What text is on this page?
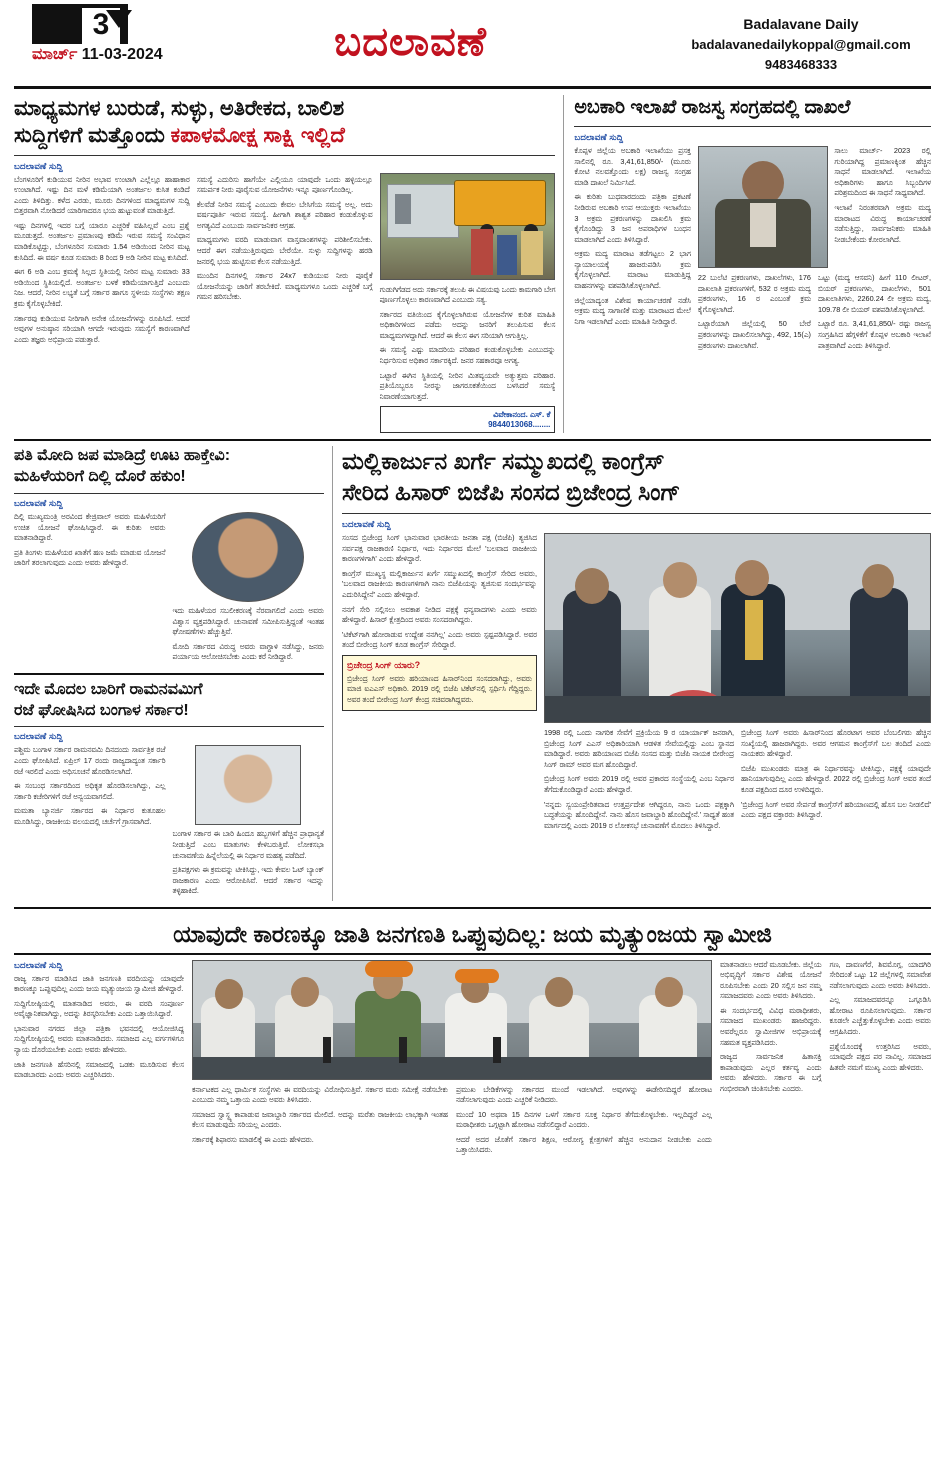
3
ಮಾರ್ಚ್ 11-03-2024	ಬದಲಾವಣೆ	Badalavane Daily
badalavanedailykoppal@gmail.com
9483468333
ಮಾಧ್ಯಮಗಳ ಬುರುಡೆ, ಸುಳ್ಳು, ಅತಿರೇಕದ, ಬಾಲಿಶ
ಸುದ್ದಿಗಳಿಗೆ ಮತ್ತೊಂದು ಕಪಾಳಮೋಕ್ಷ ಸಾಕ್ಷಿ ಇಲ್ಲಿದೆ
ಬದಲಾವಣೆ ಸುದ್ದಿ

ಬೆಂಗಳೂರಿಗೆ ಕುಡಿಯುವ ನೀರಿನ ಅಭಾವ ಉಂಟಾಗಿ ಎಲ್ಲೆಲ್ಲೂ ಹಾಹಾಕಾರ ಉಂಟಾಗಿದೆ. ಇಷ್ಟು ದಿನ ಮಳೆ ಕಡಿಮೆಯಾಗಿ ಅಂತರ್ಜಲ ಕುಸಿತ ಕಂಡಿದೆ ಎಂದು ತಿಳಿದಿತ್ತು. ಕಳೆದ ಎರಡು, ಮೂರು ದಿನಗಳಿಂದ ಮಾಧ್ಯಮಗಳ ಸುದ್ದಿ ಬಿತ್ತರವಾಗಿ ನೋಡಿದರೆ ಯಾರಿಗಾದರೂ ಭಯ ಹುಟ್ಟುವಂತೆ ಮಾಡುತ್ತಿದೆ.

ಇಷ್ಟು ದಿನಗಳಲ್ಲಿ ಇದರ ಬಗ್ಗೆ ಯಾರೂ ಎಚ್ಚರಿಕೆ ವಹಿಸಿಲ್ಲವೆ ಎಂಬ ಪ್ರಶ್ನೆ ಮೂಡುತ್ತದೆ. ಅಂತರ್ಜಲ ಪ್ರಮಾಣವು ಕಡಿಮೆ ಇರುವ ಸಮಸ್ಯೆ ಸಂವಿಧಾನ ಮಾಡಿಕೊಟ್ಟಿದ್ದು, ಬೆಂಗಳೂರಿನ ಸುಮಾರು 1.54 ಅಡಿಯಿಂದ ನೀರಿನ ಮಟ್ಟ ಕುಸಿದಿದೆ. ಈ ವರ್ಷ ಕೂಡ ಸುಮಾರು 8 ರಿಂದ 9 ಅಡಿ ನೀರಿನ ಮಟ್ಟ ಕುಸಿದಿದೆ.

ಈಗ 6 ಅಡಿ ಎಂಬ ಕ್ರಮಕ್ಕೆ ಸಿಲ್ಲದ ಸ್ಥಿತಿಯಲ್ಲಿ ನೀರಿನ ಮಟ್ಟ ಸುಮಾರು 33 ಅಡಿಯಿಂದ ಸ್ಥಿತಿಯಲ್ಲಿದೆ. ಅಂತರ್ಜಲ ಬಳಕೆ ಕಡಿಮೆಯಾಗುತ್ತಿದೆ ಎಂಬುದು ನಿಜ. ಆದರೆ, ನೀರಿನ ಲಭ್ಯತೆ ಬಗ್ಗೆ ಸರ್ಕಾರ ಹಾಗೂ ಸ್ಥಳೀಯ ಸಂಸ್ಥೆಗಳು ತಕ್ಷಣ ಕ್ರಮ ಕೈಗೊಳ್ಳಬೇಕಿದೆ.

ಸರ್ಕಾರವು ಕುಡಿಯುವ ನೀರಿಗಾಗಿ ಅನೇಕ ಯೋಜನೆಗಳನ್ನು ರೂಪಿಸಿದೆ. ಆದರೆ ಅವುಗಳ ಅನುಷ್ಠಾನ ಸರಿಯಾಗಿ ಆಗದೇ ಇರುವುದು ಸಮಸ್ಯೆಗೆ ಕಾರಣವಾಗಿದೆ ಎಂದು ತಜ್ಞರು ಅಭಿಪ್ರಾಯ ಪಡುತ್ತಾರೆ.

ಸಮಸ್ಯೆ ಎದುರಿಸು ಹಾಗೆಯೇ ಎಲ್ಲಿಯೂ ಯಾವುದೇ ಒಂದು ಹಳ್ಳಿಯಲ್ಲೂ ಸಮರ್ಪಕ ನೀರು ಪೂರೈಸುವ ಯೋಜನೆಗಳು ಇನ್ನೂ ಪೂರ್ಣಗೊಂಡಿಲ್ಲ.

ಕೆಲವೆಡೆ ನೀರಿನ ಸಮಸ್ಯೆ ಎಂಬುದು ಕೇವಲ ಬೇಸಿಗೆಯ ಸಮಸ್ಯೆ ಅಲ್ಲ. ಅದು ವರ್ಷಪೂರ್ತಿ ಇರುವ ಸಮಸ್ಯೆ. ಹೀಗಾಗಿ ಶಾಶ್ವತ ಪರಿಹಾರ ಕಂಡುಕೊಳ್ಳುವ ಅಗತ್ಯವಿದೆ ಎಂಬುದು ಸಾರ್ವಜನಿಕರ ಆಗ್ರಹ.

ಮಾಧ್ಯಮಗಳು ವರದಿ ಮಾಡುವಾಗ ವಾಸ್ತವಾಂಶಗಳನ್ನು ಪರಿಶೀಲಿಸಬೇಕು. ಆದರೆ ಈಗ ನಡೆಯುತ್ತಿರುವುದು ಬೇರೆಯೇ. ಸುಳ್ಳು ಸುದ್ದಿಗಳನ್ನು ಹರಡಿ ಜನರಲ್ಲಿ ಭಯ ಹುಟ್ಟಿಸುವ ಕೆಲಸ ನಡೆಯುತ್ತಿದೆ.

ಮುಂದಿನ ದಿನಗಳಲ್ಲಿ ಸರ್ಕಾರ 24x7 ಕುಡಿಯುವ ನೀರು ಪೂರೈಕೆ ಯೋಜನೆಯನ್ನು ಜಾರಿಗೆ ತರಬೇಕಿದೆ. ಮಾಧ್ಯಮಗಳೂ ಒಂದು ಎಚ್ಚರಿಕೆ ಬಗ್ಗೆ ಗಮನ ಹರಿಸಬೇಕು.

ಗುಡುಗಿಗೆಡದ ಅದು ಸರ್ಕಾರಕ್ಕೆ ತಲುಪಿ ಈ ವಿಷಯವು ಒಂದು ಕಾಮಗಾರಿ ಬೇಗ ಪೂರ್ಣಗೊಳ್ಳಲು ಕಾರಣವಾಗಿದೆ ಎಂಬುದು ಸತ್ಯ.

ಸರ್ಕಾರದ ವತಿಯಿಂದ ಕೈಗೊಳ್ಳಲಾಗಿರುವ ಯೋಜನೆಗಳ ಕುರಿತ ಮಾಹಿತಿ ಅಧಿಕಾರಿಗಳಿಂದ ಪಡೆದು ಅದನ್ನು ಜನರಿಗೆ ತಲುಪಿಸುವ ಕೆಲಸ ಮಾಧ್ಯಮಗಳದ್ದಾಗಿದೆ. ಆದರೆ ಈ ಕೆಲಸ ಈಗ ಸರಿಯಾಗಿ ಆಗುತ್ತಿಲ್ಲ.

ಈ ಸಮಸ್ಯೆ ಎಷ್ಟು ಮಾದರಿಯ ಪರಿಹಾರ ಕಂಡುಕೊಳ್ಳಬೇಕು ಎಂಬುದನ್ನು ನಿರ್ಧರಿಸುವ ಅಧಿಕಾರ ಸರ್ಕಾರಕ್ಕಿದೆ. ಜನರ ಸಹಕಾರವೂ ಅಗತ್ಯ.

ಒಟ್ಟಾರೆ ಈಗಿನ ಸ್ಥಿತಿಯಲ್ಲಿ ನೀರಿನ ಮಿತವ್ಯಯವೇ ಅತ್ಯುತ್ತಮ ಪರಿಹಾರ. ಪ್ರತಿಯೊಬ್ಬರೂ ನೀರನ್ನು ಜಾಗರೂಕತೆಯಿಂದ ಬಳಸಿದರೆ ಸಮಸ್ಯೆ ನಿವಾರಣೆಯಾಗುತ್ತದೆ.

ವಿವೇಕಾನಂದ. ಎಸ್. ಕೆ
9844013068........
ಅಬಕಾರಿ ಇಲಾಖೆ ರಾಜಸ್ವ ಸಂಗ್ರಹದಲ್ಲಿ ದಾಖಲೆ
ಬದಲಾವಣೆ ಸುದ್ದಿ

ಕೊಪ್ಪಳ ಜಿಲ್ಲೆಯ ಅಬಕಾರಿ ಇಲಾಖೆಯು ಪ್ರಸಕ್ತ ಸಾಲಿನಲ್ಲಿ ರೂ. 3,41,61,850/- (ಮೂರು ಕೋಟಿ ನಲವತ್ತೊಂದು ಲಕ್ಷ) ರಾಜಸ್ವ ಸಂಗ್ರಹ ಮಾಡಿ ದಾಖಲೆ ನಿರ್ಮಿಸಿದೆ.

ಈ ಕುರಿತು ಬುಧವಾರದಂದು ಪತ್ರಿಕಾ ಪ್ರಕಟಣೆ ನೀಡಿರುವ ಅಬಕಾರಿ ಉಪ ಆಯುಕ್ತರು ಇಲಾಖೆಯು 3 ಅಕ್ರಮ ಪ್ರಕರಣಗಳನ್ನು ದಾಖಲಿಸಿ ಕ್ರಮ ಕೈಗೊಂಡಿದ್ದು 3 ಜನ ಅಪರಾಧಿಗಳ ಬಂಧನ ಮಾಡಲಾಗಿದೆ ಎಂದು ತಿಳಿಸಿದ್ದಾರೆ.

ಅಕ್ರಮ ಮದ್ಯ ಮಾರಾಟ ತಡೆಗಟ್ಟಲು 2 ಭಾಗ ನ್ಯಾಯಾಲಯಕ್ಕೆ ಹಾಜರುಪಡಿಸಿ ಕ್ರಮ ಕೈಗೊಳ್ಳಲಾಗಿದೆ. ಮಾರಾಟ ಮಾಡುತ್ತಿದ್ದ ವಾಹನಗಳನ್ನು ವಶಪಡಿಸಿಕೊಳ್ಳಲಾಗಿದೆ.

ಜಿಲ್ಲೆಯಾದ್ಯಂತ ವಿಶೇಷ ಕಾರ್ಯಾಚರಣೆ ನಡೆಸಿ ಅಕ್ರಮ ಮದ್ಯ ಸಾಗಾಣಿಕೆ ಮತ್ತು ಮಾರಾಟದ ಮೇಲೆ ನಿಗಾ ಇಡಲಾಗಿದೆ ಎಂದು ಮಾಹಿತಿ ನೀಡಿದ್ದಾರೆ.

ಸಾಲು ಮಾರ್ಚ್- 2023 ರಲ್ಲಿ ಗುರಿಯಾಗಿದ್ದ ಪ್ರಮಾಣಕ್ಕಿಂತ ಹೆಚ್ಚಿನ ಸಾಧನೆ ಮಾಡಲಾಗಿದೆ. ಇಲಾಖೆಯ ಅಧಿಕಾರಿಗಳು ಹಾಗೂ ಸಿಬ್ಬಂದಿಗಳ ಪರಿಶ್ರಮದಿಂದ ಈ ಸಾಧನೆ ಸಾಧ್ಯವಾಗಿದೆ.

ಇಲಾಖೆ ನಿರಂತರವಾಗಿ ಅಕ್ರಮ ಮದ್ಯ ಮಾರಾಟದ ವಿರುದ್ಧ ಕಾರ್ಯಾಚರಣೆ ನಡೆಸುತ್ತಿದ್ದು, ಸಾರ್ವಜನಿಕರು ಮಾಹಿತಿ ನೀಡಬೇಕೆಂದು ಕೋರಲಾಗಿದೆ.

22 ಬುಲೆಟಿ ಪ್ರಕರಣಗಳು, ದಾಖಲೆಗಳು, 176 ದಾಖಲಾತಿ ಪ್ರಕರಣಗಳಿಗೆ, 532 ರ ಅಕ್ರಮ ಮದ್ಯ ಪ್ರಕರಣಗಳು, 16 ರ ಎಂಬಂತೆ ಕ್ರಮ ಕೈಗೊಳ್ಳಲಾಗಿದೆ.

ಒಟ್ಟಾರೆಯಾಗಿ ಜಿಲ್ಲೆಯಲ್ಲಿ 50 ಬೇರೆ ಪ್ರಕರಣಗಳನ್ನು ದಾಖಲಿಸಲಾಗಿದ್ದು, 492, 15(ಎ) ಪ್ರಕರಣಗಳು ದಾಖಲಾಗಿವೆ.

ಒಟ್ಟು (ಮದ್ಯ ಆಸವನಿ) ಹೀಗೆ 110 ಲೀಟರ್, ಬಿಯರ್ ಪ್ರಕರಣಗಳು, ದಾಖಲೆಗಳು, 501 ದಾಖಲಾತಿಗಳು, 2260.24 ಲೀ ಅಕ್ರಮ ಮದ್ಯ, 109.78 ಲೀ ಬಿಯರ್ ವಶಪಡಿಸಿಕೊಳ್ಳಲಾಗಿದೆ.

ಒಟ್ಟಾರೆ ರೂ. 3,41,61,850/- ರಷ್ಟು ರಾಜಸ್ವ ಸಂಗ್ರಹಿಸಿದ ಹೆಗ್ಗಳಿಕೆಗೆ ಕೊಪ್ಪಳ ಅಬಕಾರಿ ಇಲಾಖೆ ಪಾತ್ರವಾಗಿದೆ ಎಂದು ತಿಳಿಸಿದ್ದಾರೆ.

ಪತಿ ಮೋದಿ ಜಪ ಮಾಡಿದ್ರೆ ಊಟ ಹಾಕ್ತೇವಿ:
ಮಹಿಳೆಯರಿಗೆ ದಿಲ್ಲಿ ದೊರೆ ಹಕುಂ!
ಬದಲಾವಣೆ ಸುದ್ದಿ

ದಿಲ್ಲಿ ಮುಖ್ಯಮಂತ್ರಿ ಅರವಿಂದ ಕೇಜ್ರಿವಾಲ್ ಅವರು ಮಹಿಳೆಯರಿಗೆ ಉಚಿತ ಯೋಜನೆ ಘೋಷಿಸಿದ್ದಾರೆ. ಈ ಕುರಿತು ಅವರು ಮಾತನಾಡಿದ್ದಾರೆ.

ಪ್ರತಿ ತಿಂಗಳು ಮಹಿಳೆಯರ ಖಾತೆಗೆ ಹಣ ಜಮೆ ಮಾಡುವ ಯೋಜನೆ ಜಾರಿಗೆ ತರಲಾಗುವುದು ಎಂದು ಅವರು ಹೇಳಿದ್ದಾರೆ.

ಇದು ಮಹಿಳೆಯರ ಸಬಲೀಕರಣಕ್ಕೆ ನೆರವಾಗಲಿದೆ ಎಂದು ಅವರು ವಿಶ್ವಾಸ ವ್ಯಕ್ತಪಡಿಸಿದ್ದಾರೆ. ಚುನಾವಣೆ ಸಮೀಪಿಸುತ್ತಿದ್ದಂತೆ ಇಂತಹ ಘೋಷಣೆಗಳು ಹೆಚ್ಚುತ್ತಿವೆ.

ಮೋದಿ ಸರ್ಕಾರದ ವಿರುದ್ಧ ಅವರು ವಾಗ್ದಾಳಿ ನಡೆಸಿದ್ದು, ಜನರು ಪರ್ಯಾಯ ಆಲೋಚಿಸಬೇಕು ಎಂದು ಕರೆ ನೀಡಿದ್ದಾರೆ.

ಇದೇ ಮೊದಲ ಬಾರಿಗೆ ರಾಮನವಮಿಗೆ
ರಜೆ ಘೋಷಿಸಿದ ಬಂಗಾಳ ಸರ್ಕಾರ!
ಬದಲಾವಣೆ ಸುದ್ದಿ

ಪಶ್ಚಿಮ ಬಂಗಾಳ ಸರ್ಕಾರ ರಾಮನವಮಿ ದಿನದಂದು ಸಾರ್ವತ್ರಿಕ ರಜೆ ಎಂದು ಘೋಷಿಸಿದೆ. ಏಪ್ರಿಲ್ 17 ರಂದು ರಾಜ್ಯದಾದ್ಯಂತ ಸರ್ಕಾರಿ ರಜೆ ಇರಲಿದೆ ಎಂದು ಅಧಿಸೂಚನೆ ಹೊರಡಿಸಲಾಗಿದೆ.

ಈ ಸಂಬಂಧ ಸರ್ಕಾರದಿಂದ ಅಧಿಕೃತ ಹೊರಡಿಸಲಾಗಿದ್ದು, ಎಲ್ಲ ಸರ್ಕಾರಿ ಕಚೇರಿಗಳಿಗೆ ರಜೆ ಅನ್ವಯವಾಗಲಿದೆ.

ಮಮತಾ ಬ್ಯಾನರ್ಜಿ ಸರ್ಕಾರದ ಈ ನಿರ್ಧಾರ ಕುತೂಹಲ ಮೂಡಿಸಿದ್ದು, ರಾಜಕೀಯ ವಲಯದಲ್ಲಿ ಚರ್ಚೆಗೆ ಗ್ರಾಸವಾಗಿದೆ.

ಬಂಗಾಳ ಸರ್ಕಾರ ಈ ಬಾರಿ ಹಿಂದೂ ಹಬ್ಬಗಳಿಗೆ ಹೆಚ್ಚಿನ ಪ್ರಾಧಾನ್ಯತೆ ನೀಡುತ್ತಿದೆ ಎಂಬ ಮಾತುಗಳು ಕೇಳಿಬರುತ್ತಿವೆ. ಲೋಕಸಭಾ ಚುನಾವಣೆಯ ಹಿನ್ನೆಲೆಯಲ್ಲಿ ಈ ನಿರ್ಧಾರ ಮಹತ್ವ ಪಡೆದಿದೆ.

ಪ್ರತಿಪಕ್ಷಗಳು ಈ ಕ್ರಮವನ್ನು ಟೀಕಿಸಿದ್ದು, ಇದು ಕೇವಲ ಓಟ್ ಬ್ಯಾಂಕ್ ರಾಜಕಾರಣ ಎಂದು ಆರೋಪಿಸಿವೆ. ಆದರೆ ಸರ್ಕಾರ ಇದನ್ನು ತಳ್ಳಿಹಾಕಿದೆ.

ಮಲ್ಲಿಕಾರ್ಜುನ ಖರ್ಗೆ ಸಮ್ಮುಖದಲ್ಲಿ ಕಾಂಗ್ರೆಸ್
ಸೇರಿದ ಹಿಸಾರ್ ಬಿಜೆಪಿ ಸಂಸದ ಬ್ರಿಜೇಂದ್ರ ಸಿಂಗ್
ಬದಲಾವಣೆ ಸುದ್ದಿ

ಸಂಸದ ಬ್ರಿಜೇಂದ್ರ ಸಿಂಗ್ ಭಾನುವಾರ ಭಾರತೀಯ ಜನತಾ ಪಕ್ಷ (ಬಿಜೆಪಿ) ತ್ಯಜಿಸಿದ ಸರ್ವಪಕ್ಷ ರಾಜಕಾರಣಿ ನಿರ್ಧಾರ, ಇದು ನಿರ್ಧಾರದ ಮೇಲೆ 'ಬಲವಾದ ರಾಜಕೀಯ ಕಾರಣಗಳಿಗಾಗಿ' ಎಂದು ಹೇಳಿದ್ದಾರೆ.

ಕಾಂಗ್ರೆಸ್ ಮುಖ್ಯಸ್ಥ ಮಲ್ಲಿಕಾರ್ಜುನ ಖರ್ಗೆ ಸಮ್ಮುಖದಲ್ಲಿ ಕಾಂಗ್ರೆಸ್ ಸೇರಿದ ಅವರು, 'ಬಲವಾದ ರಾಜಕೀಯ ಕಾರಣಗಳಿಗಾಗಿ ನಾನು ಬಿಜೆಪಿಯನ್ನು ತ್ಯಜಿಸುವ ಸಂದರ್ಭವನ್ನು ಎದುರಿಸಿದ್ದೇನೆ' ಎಂದು ಹೇಳಿದ್ದಾರೆ.

ನನಗೆ ಸೇರಿ ಸಲ್ಲಿಸಲು ಅವಕಾಶ ನೀಡಿದ ಪಕ್ಷಕ್ಕೆ ಧನ್ಯವಾದಗಳು ಎಂದು ಅವರು ಹೇಳಿದ್ದಾರೆ. ಹಿಸಾರ್ ಕ್ಷೇತ್ರದಿಂದ ಅವರು ಸಂಸದರಾಗಿದ್ದರು.

'ಟಿಕೆಟ್‌ಗಾಗಿ ಹೋರಾಡುವ ಉದ್ದೇಶ ನನಗಿಲ್ಲ' ಎಂದು ಅವರು ಸ್ಪಷ್ಟಪಡಿಸಿದ್ದಾರೆ. ಅವರ ತಂದೆ ಬೀರೇಂದ್ರ ಸಿಂಗ್ ಕೂಡ ಕಾಂಗ್ರೆಸ್ ಸೇರಿದ್ದಾರೆ.

ಬ್ರಿಜೇಂದ್ರ ಸಿಂಗ್ ಯಾರು?
ಬ್ರಿಜೇಂದ್ರ ಸಿಂಗ್ ಅವರು ಹರಿಯಾಣದ ಹಿಸಾರ್‌ನಿಂದ ಸಂಸದರಾಗಿದ್ದು, ಅವರು ಮಾಜಿ ಐಎಎಸ್ ಅಧಿಕಾರಿ. 2019 ರಲ್ಲಿ ಬಿಜೆಪಿ ಟಿಕೆಟ್‌ನಲ್ಲಿ ಸ್ಪರ್ಧಿಸಿ ಗೆದ್ದಿದ್ದರು. ಅವರ ತಂದೆ ಬೀರೇಂದ್ರ ಸಿಂಗ್ ಕೇಂದ್ರ ಸಚಿವರಾಗಿದ್ದವರು.

1998 ರಲ್ಲಿ ಒಂದು ನಾಗರಿಕ ಸೇವೆಗೆ ಪ್ರಕ್ರಿಯೆಯ 9 ರ ಯಾರ್ಯಾಕ್ ಜನರಾಗಿ, ಬ್ರಿಜೇಂದ್ರ ಸಿಂಗ್ ಎಎಸ್ ಅಧಿಕಾರಿಯಾಗಿ ಆಡಳಿತ ಸೇವೆಯಲ್ಲಿದ್ದು ಎಂಬ ಸ್ಥಾನದ ಮಾಡಿದ್ದಾರೆ. ಅವರು ಹರಿಯಾಣದ ಬಿಜೆಪಿ ಸಂಸದ ಮತ್ತು ಬಿಜೆಪಿ ನಾಯಕ ಬೀರೇಂದ್ರ ಸಿಂಗ್ ರಾಮ್ ಅವರ ಮಗ ಹೊಂದಿದ್ದಾರೆ.

ಬ್ರಿಜೇಂದ್ರ ಸಿಂಗ್ ಅವರು 2019 ರಲ್ಲಿ ಅವರ ಪ್ರಕಾರದ ಸಂಸ್ಥೆಯಲ್ಲಿ ಎಂಬ ನಿರ್ಧಾರ ತೆಗೆದುಕೊಂಡಿದ್ದಾರೆ ಎಂದು ಹೇಳಿದ್ದಾರೆ.

'ನನ್ನದು ಸ್ವಯಂಪ್ರೇರಿತವಾದ ಉತ್ತರ್ಪ್ರದೇಶ ಆಗಿದ್ದರೂ, ನಾನು ಒಂದು ಪಕ್ಷಕ್ಕಾಗಿ ಬದ್ಧತೆಯನ್ನು ಹೊಂದಿದ್ದೇನೆ. ನಾನು ಹೊಸ ಜವಾಬ್ದಾರಿ ಹೊಂದಿದ್ದೇನೆ.' ಸಾಧ್ಯತೆ ಹಂತ ಮಾರ್ಗದಲ್ಲಿ ಎಂದು 2019 ರ ಲೋಕಸಭೆ ಚುನಾವಣೆಗೆ ಮೊದಲು ತಿಳಿಸಿದ್ದಾರೆ.

ಬ್ರಿಜೇಂದ್ರ ಸಿಂಗ್ ಅವರು ಹಿಸಾರ್‌ನಿಂದ ಹೊರಟಾಗ ಅವರ ಬೆಂಬಲಿಗರು ಹೆಚ್ಚಿನ ಸಂಖ್ಯೆಯಲ್ಲಿ ಹಾಜರಾಗಿದ್ದರು. ಅವರ ಆಗಮನ ಕಾಂಗ್ರೆಸ್‌ಗೆ ಬಲ ತಂದಿದೆ ಎಂದು ನಾಯಕರು ಹೇಳಿದ್ದಾರೆ.

ಬಿಜೆಪಿ ಮುಖಂಡರು ಮಾತ್ರ ಈ ನಿರ್ಧಾರವನ್ನು ಟೀಕಿಸಿದ್ದು, ಪಕ್ಷಕ್ಕೆ ಯಾವುದೇ ಹಾನಿಯಾಗುವುದಿಲ್ಲ ಎಂದು ಹೇಳಿದ್ದಾರೆ. 2022 ರಲ್ಲಿ ಬ್ರಿಜೇಂದ್ರ ಸಿಂಗ್ ಅವರ ತಂದೆ ಕೂಡ ಪಕ್ಷದಿಂದ ದೂರ ಉಳಿದಿದ್ದರು.

'ಬ್ರಿಜೇಂದ್ರ ಸಿಂಗ್ ಅವರ ಸೇರ್ಪಡೆ ಕಾಂಗ್ರೆಸ್‌ಗೆ ಹರಿಯಾಣದಲ್ಲಿ ಹೊಸ ಬಲ ನೀಡಲಿದೆ' ಎಂದು ಪಕ್ಷದ ವಕ್ತಾರರು ತಿಳಿಸಿದ್ದಾರೆ.

ಯಾವುದೇ ಕಾರಣಕ್ಕೂ ಜಾತಿ ಜನಗಣತಿ ಒಪ್ಪುವುದಿಲ್ಲ: ಜಯ ಮೃತ್ಯುಂಜಯ ಸ್ವಾಮೀಜಿ
ಬದಲಾವಣೆ ಸುದ್ದಿ

ರಾಜ್ಯ ಸರ್ಕಾರ ಮಾಡಿಸಿದ ಜಾತಿ ಜನಗಣತಿ ವರದಿಯನ್ನು ಯಾವುದೇ ಕಾರಣಕ್ಕೂ ಒಪ್ಪುವುದಿಲ್ಲ ಎಂದು ಜಯ ಮೃತ್ಯುಂಜಯ ಸ್ವಾಮೀಜಿ ಹೇಳಿದ್ದಾರೆ.

ಸುದ್ದಿಗೋಷ್ಠಿಯಲ್ಲಿ ಮಾತನಾಡಿದ ಅವರು, ಈ ವರದಿ ಸಂಪೂರ್ಣ ಅವೈಜ್ಞಾನಿಕವಾಗಿದ್ದು, ಅದನ್ನು ತಿರಸ್ಕರಿಸಬೇಕು ಎಂದು ಒತ್ತಾಯಿಸಿದ್ದಾರೆ.

ಭಾನುವಾರ ನಗರದ ಜಿಲ್ಲಾ ಪತ್ರಿಕಾ ಭವನದಲ್ಲಿ ಆಯೋಜಿಸಿದ್ದ ಸುದ್ದಿಗೋಷ್ಠಿಯಲ್ಲಿ ಅವರು ಮಾತನಾಡಿದರು. ಸಮಾಜದ ಎಲ್ಲ ವರ್ಗಗಳಿಗೂ ನ್ಯಾಯ ದೊರೆಯಬೇಕು ಎಂದು ಅವರು ಹೇಳಿದರು.

ಜಾತಿ ಜನಗಣತಿ ಹೆಸರಿನಲ್ಲಿ ಸಮಾಜದಲ್ಲಿ ಒಡಕು ಮೂಡಿಸುವ ಕೆಲಸ ಮಾಡಬಾರದು ಎಂದು ಅವರು ಎಚ್ಚರಿಸಿದರು.

ಕರ್ನಾಟಕದ ಎಲ್ಲ ಧಾರ್ಮಿಕ ಸಂಸ್ಥೆಗಳು ಈ ವರದಿಯನ್ನು ವಿರೋಧಿಸುತ್ತಿವೆ. ಸರ್ಕಾರ ಮರು ಸಮೀಕ್ಷೆ ನಡೆಸಬೇಕು ಎಂಬುದು ನಮ್ಮ ಒತ್ತಾಯ ಎಂದು ಅವರು ತಿಳಿಸಿದರು.

ಸಮಾಜದ ಸ್ವಾಸ್ಥ್ಯ ಕಾಪಾಡುವ ಜವಾಬ್ದಾರಿ ಸರ್ಕಾರದ ಮೇಲಿದೆ. ಅದನ್ನು ಮರೆತು ರಾಜಕೀಯ ಲಾಭಕ್ಕಾಗಿ ಇಂತಹ ಕೆಲಸ ಮಾಡುವುದು ಸರಿಯಲ್ಲ ಎಂದರು.

ಸರ್ಕಾರಕ್ಕೆ ಶಿಫಾರಸು ಮಾಡಲಿಕ್ಕೆ ಈ ಎಂದು ಹೇಳಿದರು.

ಪ್ರಮುಖ ಬೇಡಿಕೆಗಳನ್ನು ಸರ್ಕಾರದ ಮುಂದೆ ಇಡಲಾಗಿದೆ. ಅವುಗಳನ್ನು ಈಡೇರಿಸದಿದ್ದರೆ ಹೋರಾಟ ನಡೆಸಲಾಗುವುದು ಎಂದು ಎಚ್ಚರಿಕೆ ನೀಡಿದರು.

ಮುಂದೆ 10 ಅಥವಾ 15 ದಿನಗಳ ಒಳಗೆ ಸರ್ಕಾರ ಸೂಕ್ತ ನಿರ್ಧಾರ ತೆಗೆದುಕೊಳ್ಳಬೇಕು. ಇಲ್ಲದಿದ್ದರೆ ಎಲ್ಲ ಮಠಾಧೀಶರು ಒಗ್ಗಟ್ಟಾಗಿ ಹೋರಾಟ ನಡೆಸಲಿದ್ದಾರೆ ಎಂದರು.

ಆದರೆ ಅದರ ಜೊತೆಗೆ ಸರ್ಕಾರ ಶಿಕ್ಷಣ, ಆರೋಗ್ಯ ಕ್ಷೇತ್ರಗಳಿಗೆ ಹೆಚ್ಚಿನ ಅನುದಾನ ನೀಡಬೇಕು ಎಂದು ಒತ್ತಾಯಿಸಿದರು.

ಮಾತನಾಡಲು ಆದರೆ ಮೂಡಬೇಕು. ಜಿಲ್ಲೆಯ ಅಭಿವೃದ್ಧಿಗೆ ಸರ್ಕಾರ ವಿಶೇಷ ಯೋಜನೆ ರೂಪಿಸಬೇಕು ಎಂದು 20 ಸಲ್ಲಿಸ ಜನ ನಮ್ಮ ಸಮಾಜದವರು ಎಂದು ಅವರು ತಿಳಿಸಿದರು.

ಈ ಸಂದರ್ಭದಲ್ಲಿ ವಿವಿಧ ಮಠಾಧೀಶರು, ಸಮಾಜದ ಮುಖಂಡರು ಹಾಜರಿದ್ದರು. ಅವರೆಲ್ಲರೂ ಸ್ವಾಮೀಜಿಗಳ ಅಭಿಪ್ರಾಯಕ್ಕೆ ಸಹಮತ ವ್ಯಕ್ತಪಡಿಸಿದರು.

ರಾಜ್ಯದ ಸಾರ್ವಜನಿಕ ಹಿತಾಸಕ್ತಿ ಕಾಪಾಡುವುದು ಎಲ್ಲರ ಕರ್ತವ್ಯ ಎಂದು ಅವರು ಹೇಳಿದರು. ಸರ್ಕಾರ ಈ ಬಗ್ಗೆ ಗಂಭೀರವಾಗಿ ಚಿಂತಿಸಬೇಕು ಎಂದರು.

ಗಣ, ದಾವಣಗೆರೆ, ಶಿವಮೊಗ್ಗ, ಯಾದಗಿರಿ ಸೇರಿದಂತೆ ಒಟ್ಟು 12 ಜಿಲ್ಲೆಗಳಲ್ಲಿ ಸಮಾವೇಶ ನಡೆಸಲಾಗುವುದು ಎಂದು ಅವರು ತಿಳಿಸಿದರು.

ಎಲ್ಲ ಸಮಾಜದವರನ್ನೂ ಒಗ್ಗೂಡಿಸಿ ಹೋರಾಟ ರೂಪಿಸಲಾಗುವುದು. ಸರ್ಕಾರ ಕೂಡಲೇ ಎಚ್ಚೆತ್ತುಕೊಳ್ಳಬೇಕು ಎಂದು ಅವರು ಆಗ್ರಹಿಸಿದರು.

ಪ್ರಶ್ನೆಯೊಂದಕ್ಕೆ ಉತ್ತರಿಸಿದ ಅವರು, ಯಾವುದೇ ಪಕ್ಷದ ಪರ ನಾವಿಲ್ಲ. ಸಮಾಜದ ಹಿತವೇ ನಮಗೆ ಮುಖ್ಯ ಎಂದು ಹೇಳಿದರು.
